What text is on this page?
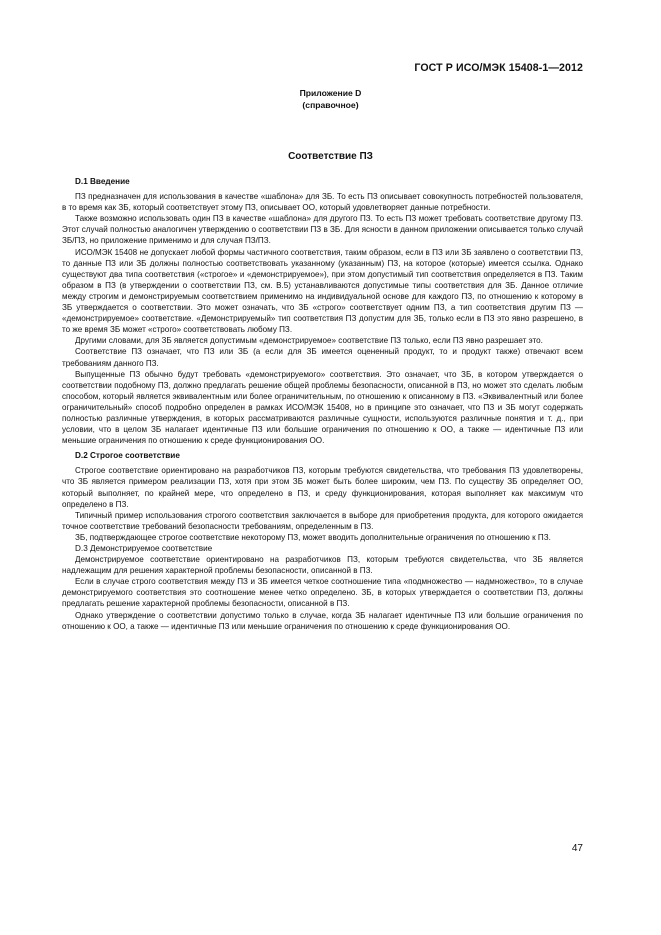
ГОСТ Р ИСО/МЭК 15408-1—2012
Приложение D
(справочное)
Соответствие ПЗ
D.1 Введение

ПЗ предназначен для использования в качестве «шаблона» для ЗБ. То есть ПЗ описывает совокупность потребностей пользователя, в то время как ЗБ, который соответствует этому ПЗ, описывает ОО, который удовлетворяет данные потребности.

Также возможно использовать один ПЗ в качестве «шаблона» для другого ПЗ. То есть ПЗ может требовать соответствие другому ПЗ. Этот случай полностью аналогичен утверждению о соответствии ПЗ в ЗБ. Для ясности в данном приложении описывается только случай ЗБ/ПЗ, но приложение применимо и для случая ПЗ/ПЗ.

ИСО/МЭК 15408 не допускает любой формы частичного соответствия, таким образом, если в ПЗ или ЗБ заявлено о соответствии ПЗ, то данные ПЗ или ЗБ должны полностью соответствовать указанному (указанным) ПЗ, на которое (которые) имеется ссылка. Однако существуют два типа соответствия («строгое» и «демонстрируемое»), при этом допустимый тип соответствия определяется в ПЗ. Таким образом в ПЗ (в утверждении о соответствии ПЗ, см. В.5) устанавливаются допустимые типы соответствия для ЗБ. Данное отличие между строгим и демонстрируемым соответствием применимо на индивидуальной основе для каждого ПЗ, по отношению к которому в ЗБ утверждается о соответствии. Это может означать, что ЗБ «строго» соответствует одним ПЗ, а тип соответствия другим ПЗ — «демонстрируемое» соответствие. «Демонстрируемый» тип соответствия ПЗ допустим для ЗБ, только если в ПЗ это явно разрешено, в то же время ЗБ может «строго» соответствовать любому ПЗ.

Другими словами, для ЗБ является допустимым «демонстрируемое» соответствие ПЗ только, если ПЗ явно разрешает это.

Соответствие ПЗ означает, что ПЗ или ЗБ (а если для ЗБ имеется оцененный продукт, то и продукт также) отвечают всем требованиям данного ПЗ.

Выпущенные ПЗ обычно будут требовать «демонстрируемого» соответствия. Это означает, что ЗБ, в котором утверждается о соответствии подобному ПЗ, должно предлагать решение общей проблемы безопасности, описанной в ПЗ, но может это сделать любым способом, который является эквивалентным или более ограничительным, по отношению к описанному в ПЗ. «Эквивалентный или более ограничительный» способ подробно определен в рамках ИСО/МЭК 15408, но в принципе это означает, что ПЗ и ЗБ могут содержать полностью различные утверждения, в которых рассматриваются различные сущности, используются различные понятия и т. д., при условии, что в целом ЗБ налагает идентичные ПЗ или большие ограничения по отношению к ОО, а также — идентичные ПЗ или меньшие ограничения по отношению к среде функционирования ОО.

D.2 Строгое соответствие

Строгое соответствие ориентировано на разработчиков ПЗ, которым требуются свидетельства, что требования ПЗ удовлетворены, что ЗБ является примером реализации ПЗ, хотя при этом ЗБ может быть более широким, чем ПЗ. По существу ЗБ определяет ОО, который выполняет, по крайней мере, что определено в ПЗ, и среду функционирования, которая выполняет как максимум что определено в ПЗ.

Типичный пример использования строгого соответствия заключается в выборе для приобретения продукта, для которого ожидается точное соответствие требований безопасности требованиям, определенным в ПЗ.

ЗБ, подтверждающее строгое соответствие некоторому ПЗ, может вводить дополнительные ограничения по отношению к ПЗ.

D.3 Демонстрируемое соответствие

Демонстрируемое соответствие ориентировано на разработчиков ПЗ, которым требуются свидетельства, что ЗБ является надлежащим для решения характерной проблемы безопасности, описанной в ПЗ.

Если в случае строго соответствия между ПЗ и ЗБ имеется четкое соотношение типа «подмножество — надмножество», то в случае демонстрируемого соответствия это соотношение менее четко определено. ЗБ, в которых утверждается о соответствии ПЗ, должны предлагать решение характерной проблемы безопасности, описанной в ПЗ.

Однако утверждение о соответствии допустимо только в случае, когда ЗБ налагает идентичные ПЗ или большие ограничения по отношению к ОО, а также — идентичные ПЗ или меньшие ограничения по отношению к среде функционирования ОО.

47
